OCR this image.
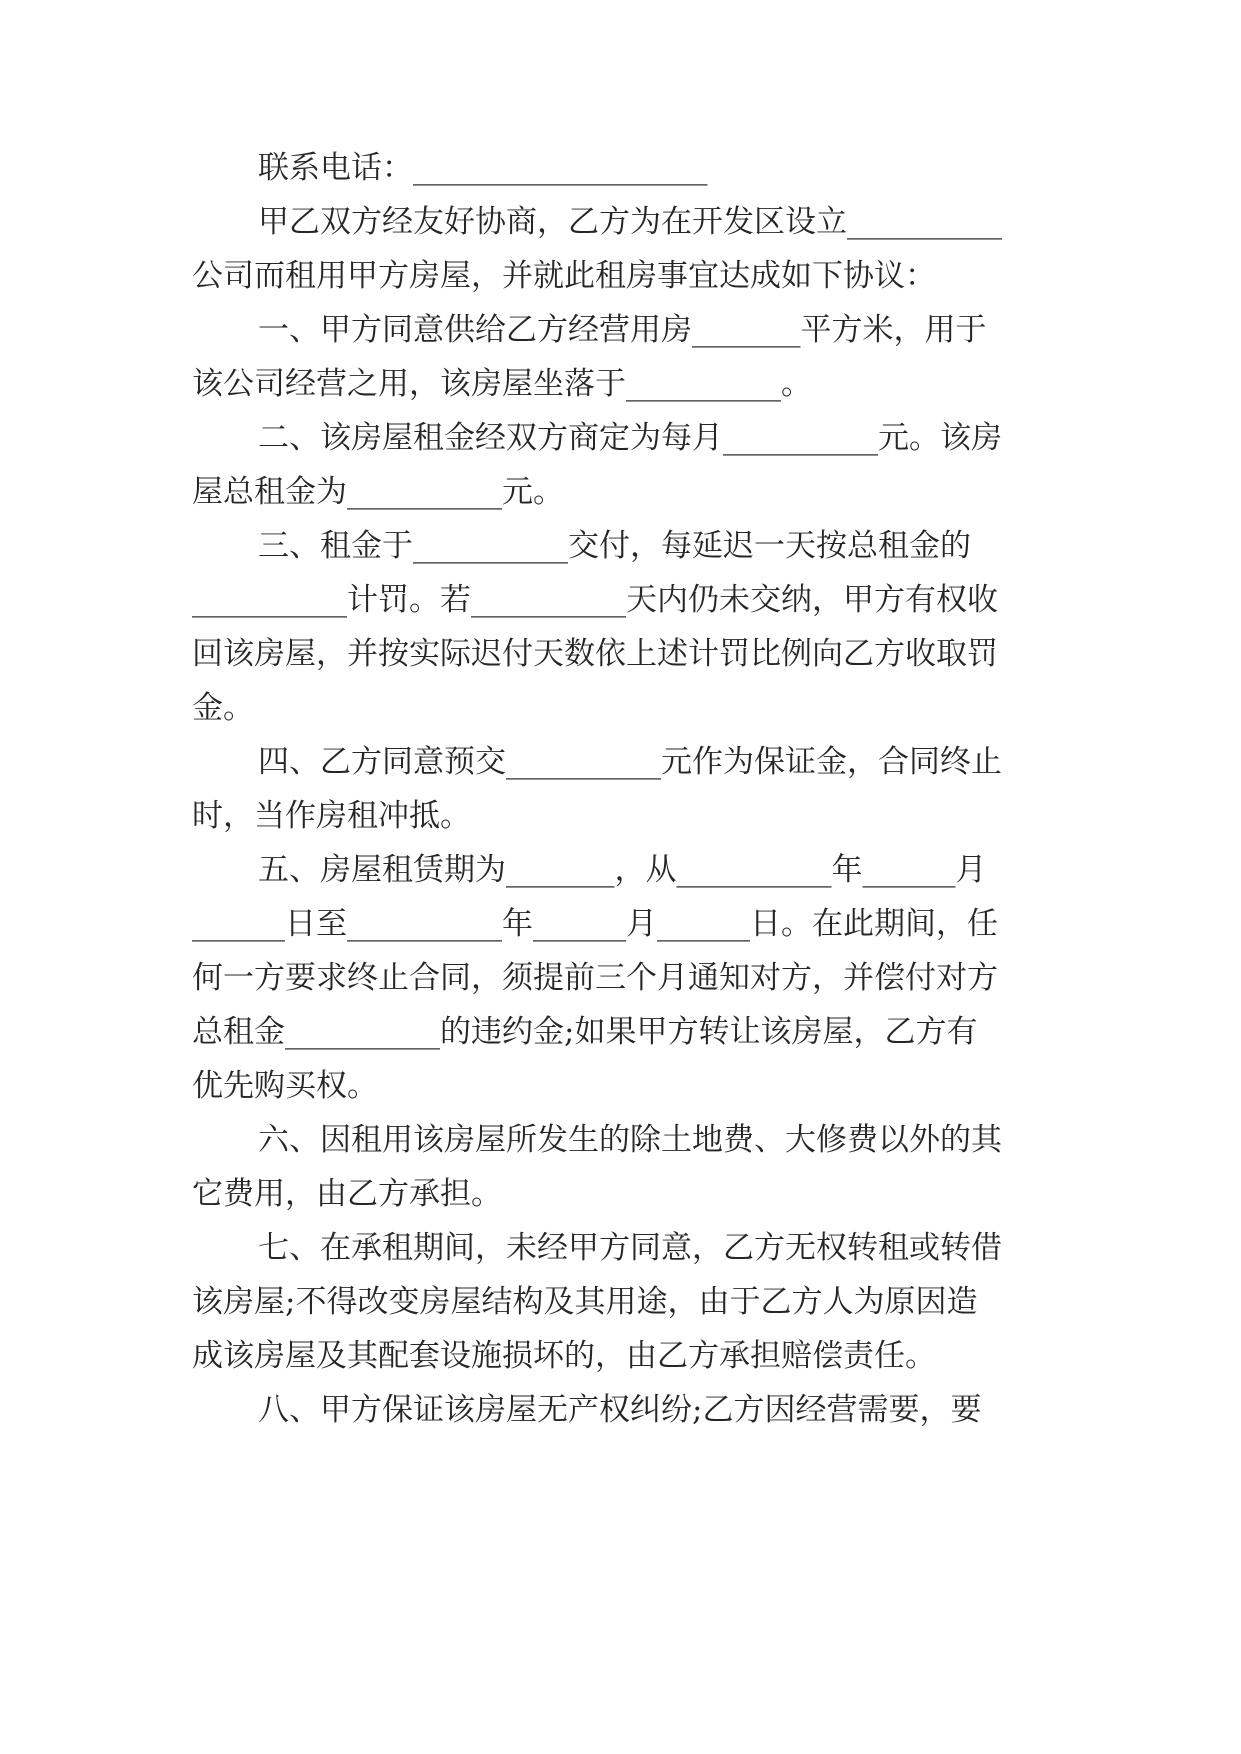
联系电话：___________________
甲乙双方经友好协商，乙方为在开发区设立__________
公司而租用甲方房屋，并就此租房事宜达成如下协议：
一、甲方同意供给乙方经营用房_______平方米，用于
该公司经营之用，该房屋坐落于__________。
二、该房屋租金经双方商定为每月__________元。该房
屋总租金为__________元。
三、租金于__________交付，每延迟一天按总租金的
__________计罚。若__________天内仍未交纳，甲方有权收
回该房屋，并按实际迟付天数依上述计罚比例向乙方收取罚
金。
四、乙方同意预交__________元作为保证金，合同终止
时，当作房租冲抵。
五、房屋租赁期为_______，从__________年______月
______日至__________年______月______日。在此期间，任
何一方要求终止合同，须提前三个月通知对方，并偿付对方
总租金__________的违约金;如果甲方转让该房屋，乙方有
优先购买权。
六、因租用该房屋所发生的除土地费、大修费以外的其
它费用，由乙方承担。
七、在承租期间，未经甲方同意，乙方无权转租或转借
该房屋;不得改变房屋结构及其用途，由于乙方人为原因造
成该房屋及其配套设施损坏的，由乙方承担赔偿责任。
八、甲方保证该房屋无产权纠纷;乙方因经营需要，要
